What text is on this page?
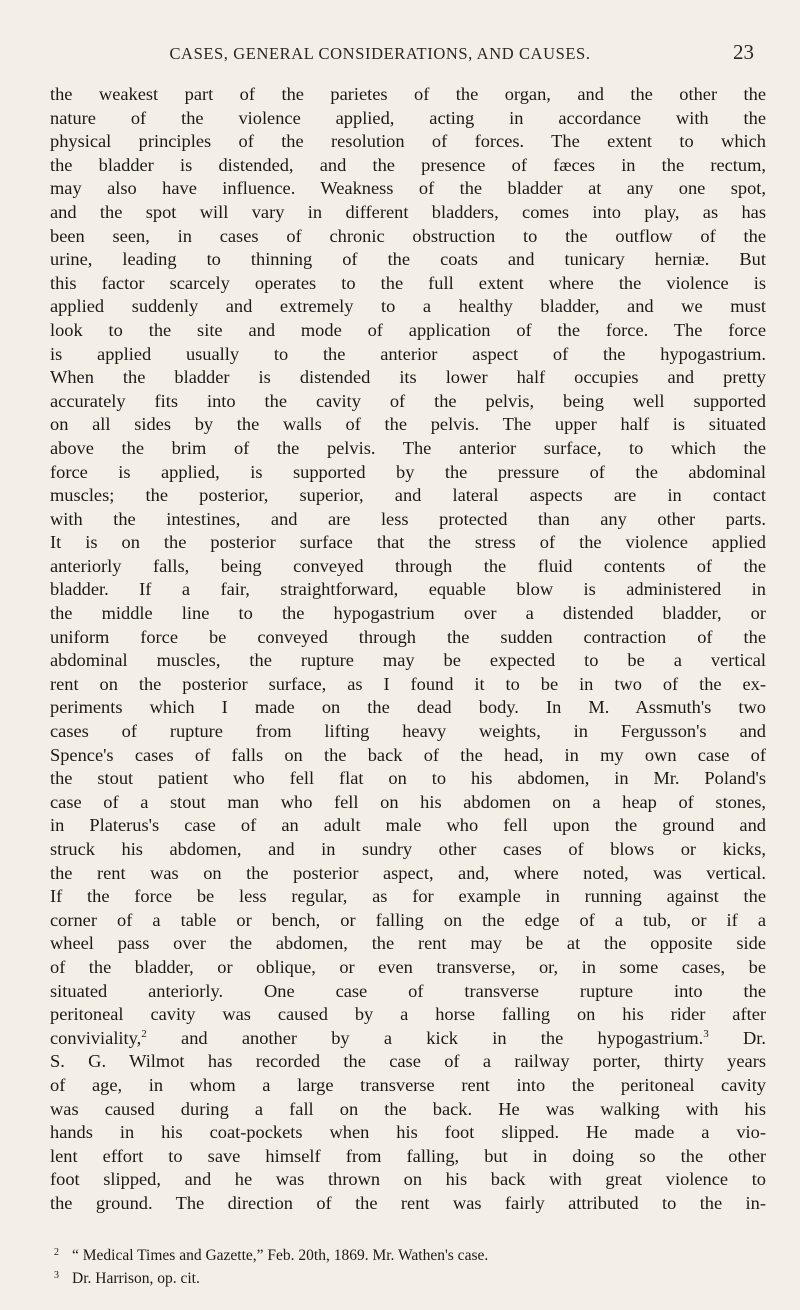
CASES, GENERAL CONSIDERATIONS, AND CAUSES.	23
the weakest part of the parietes of the organ, and the other the
nature of the violence applied, acting in accordance with the
physical principles of the resolution of forces. The extent to which
the bladder is distended, and the presence of fæces in the rectum,
may also have influence. Weakness of the bladder at any one spot,
and the spot will vary in different bladders, comes into play, as has
been seen, in cases of chronic obstruction to the outflow of the
urine, leading to thinning of the coats and tunicary herniæ. But
this factor scarcely operates to the full extent where the violence is
applied suddenly and extremely to a healthy bladder, and we must
look to the site and mode of application of the force. The force
is applied usually to the anterior aspect of the hypogastrium.
When the bladder is distended its lower half occupies and pretty
accurately fits into the cavity of the pelvis, being well supported
on all sides by the walls of the pelvis. The upper half is situated
above the brim of the pelvis. The anterior surface, to which the
force is applied, is supported by the pressure of the abdominal
muscles; the posterior, superior, and lateral aspects are in contact
with the intestines, and are less protected than any other parts.
It is on the posterior surface that the stress of the violence applied
anteriorly falls, being conveyed through the fluid contents of the
bladder. If a fair, straightforward, equable blow is administered in
the middle line to the hypogastrium over a distended bladder, or
uniform force be conveyed through the sudden contraction of the
abdominal muscles, the rupture may be expected to be a vertical
rent on the posterior surface, as I found it to be in two of the ex-
periments which I made on the dead body. In M. Assmuth's two
cases of rupture from lifting heavy weights, in Fergusson's and
Spence's cases of falls on the back of the head, in my own case of
the stout patient who fell flat on to his abdomen, in Mr. Poland's
case of a stout man who fell on his abdomen on a heap of stones,
in Platerus's case of an adult male who fell upon the ground and
struck his abdomen, and in sundry other cases of blows or kicks,
the rent was on the posterior aspect, and, where noted, was vertical.
If the force be less regular, as for example in running against the
corner of a table or bench, or falling on the edge of a tub, or if a
wheel pass over the abdomen, the rent may be at the opposite side
of the bladder, or oblique, or even transverse, or, in some cases, be
situated anteriorly. One case of transverse rupture into the
peritoneal cavity was caused by a horse falling on his rider after
conviviality,$^2$ and another by a kick in the hypogastrium.$^3$ Dr.
S. G. Wilmot has recorded the case of a railway porter, thirty years
of age, in whom a large transverse rent into the peritoneal cavity
was caused during a fall on the back. He was walking with his
hands in his coat-pockets when his foot slipped. He made a vio-
lent effort to save himself from falling, but in doing so the other
foot slipped, and he was thrown on his back with great violence to
the ground. The direction of the rent was fairly attributed to the in-
2 “ Medical Times and Gazette,” Feb. 20th, 1869. Mr. Wathen's case.
3 Dr. Harrison, op. cit.
